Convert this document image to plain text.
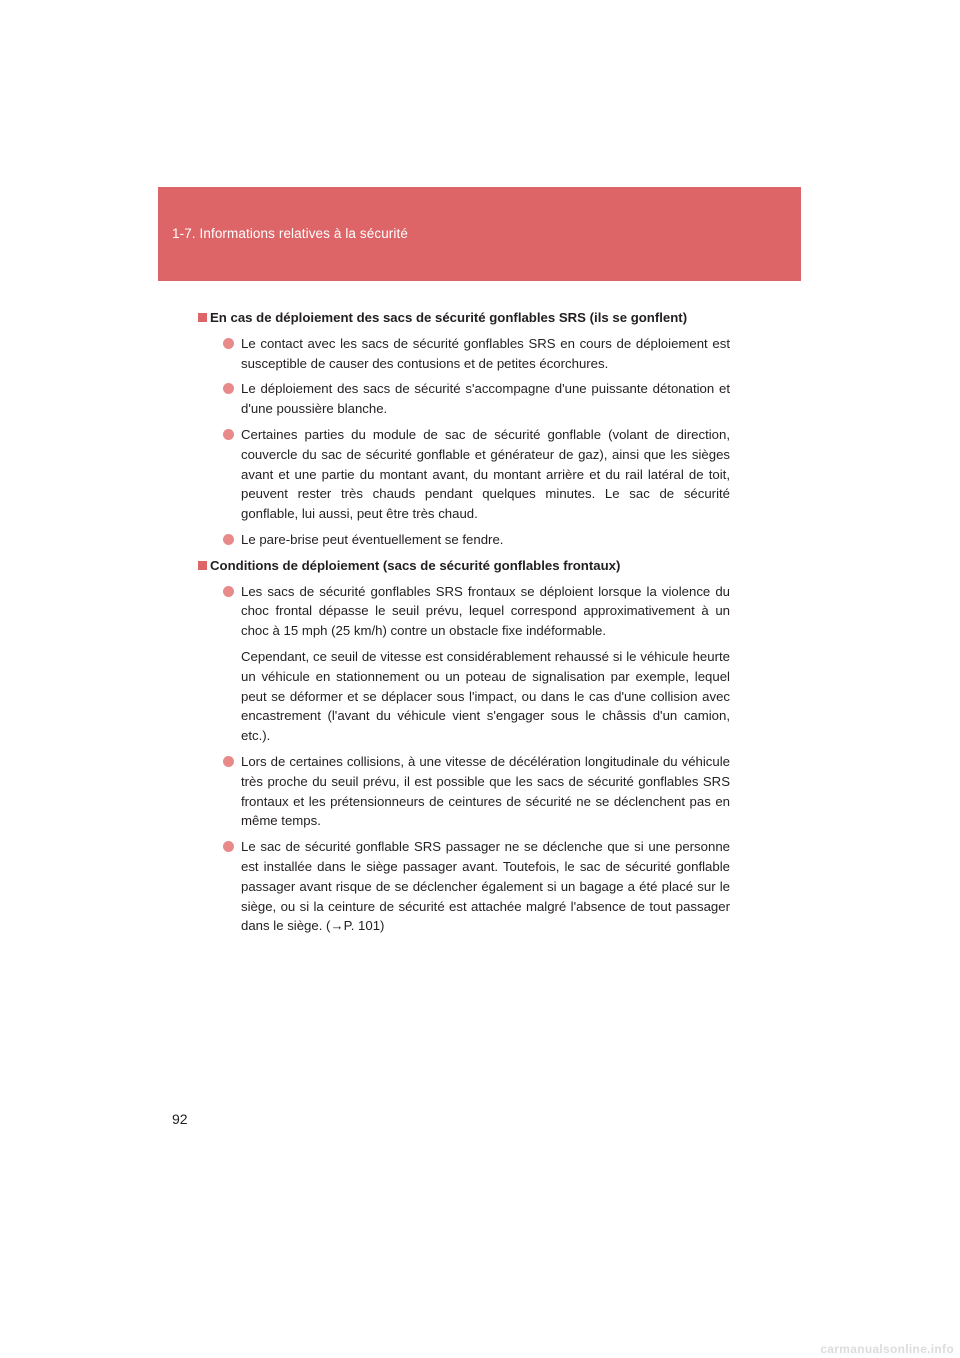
1-7. Informations relatives à la sécurité
En cas de déploiement des sacs de sécurité gonflables SRS (ils se gonflent)
Le contact avec les sacs de sécurité gonflables SRS en cours de déploiement est susceptible de causer des contusions et de petites écorchures.
Le déploiement des sacs de sécurité s'accompagne d'une puissante détonation et d'une poussière blanche.
Certaines parties du module de sac de sécurité gonflable (volant de direction, couvercle du sac de sécurité gonflable et générateur de gaz), ainsi que les sièges avant et une partie du montant avant, du montant arrière et du rail latéral de toit, peuvent rester très chauds pendant quelques minutes. Le sac de sécurité gonflable, lui aussi, peut être très chaud.
Le pare-brise peut éventuellement se fendre.
Conditions de déploiement (sacs de sécurité gonflables frontaux)
Les sacs de sécurité gonflables SRS frontaux se déploient lorsque la violence du choc frontal dépasse le seuil prévu, lequel correspond approximativement à un choc à 15 mph (25 km/h) contre un obstacle fixe indéformable.
Cependant, ce seuil de vitesse est considérablement rehaussé si le véhicule heurte un véhicule en stationnement ou un poteau de signalisation par exemple, lequel peut se déformer et se déplacer sous l'impact, ou dans le cas d'une collision avec encastrement (l'avant du véhicule vient s'engager sous le châssis d'un camion, etc.).
Lors de certaines collisions, à une vitesse de décélération longitudinale du véhicule très proche du seuil prévu, il est possible que les sacs de sécurité gonflables SRS frontaux et les prétensionneurs de ceintures de sécurité ne se déclenchent pas en même temps.
Le sac de sécurité gonflable SRS passager ne se déclenche que si une personne est installée dans le siège passager avant. Toutefois, le sac de sécurité gonflable passager avant risque de se déclencher également si un bagage a été placé sur le siège, ou si la ceinture de sécurité est attachée malgré l'absence de tout passager dans le siège. (→P. 101)
92
carmanualsonline.info
